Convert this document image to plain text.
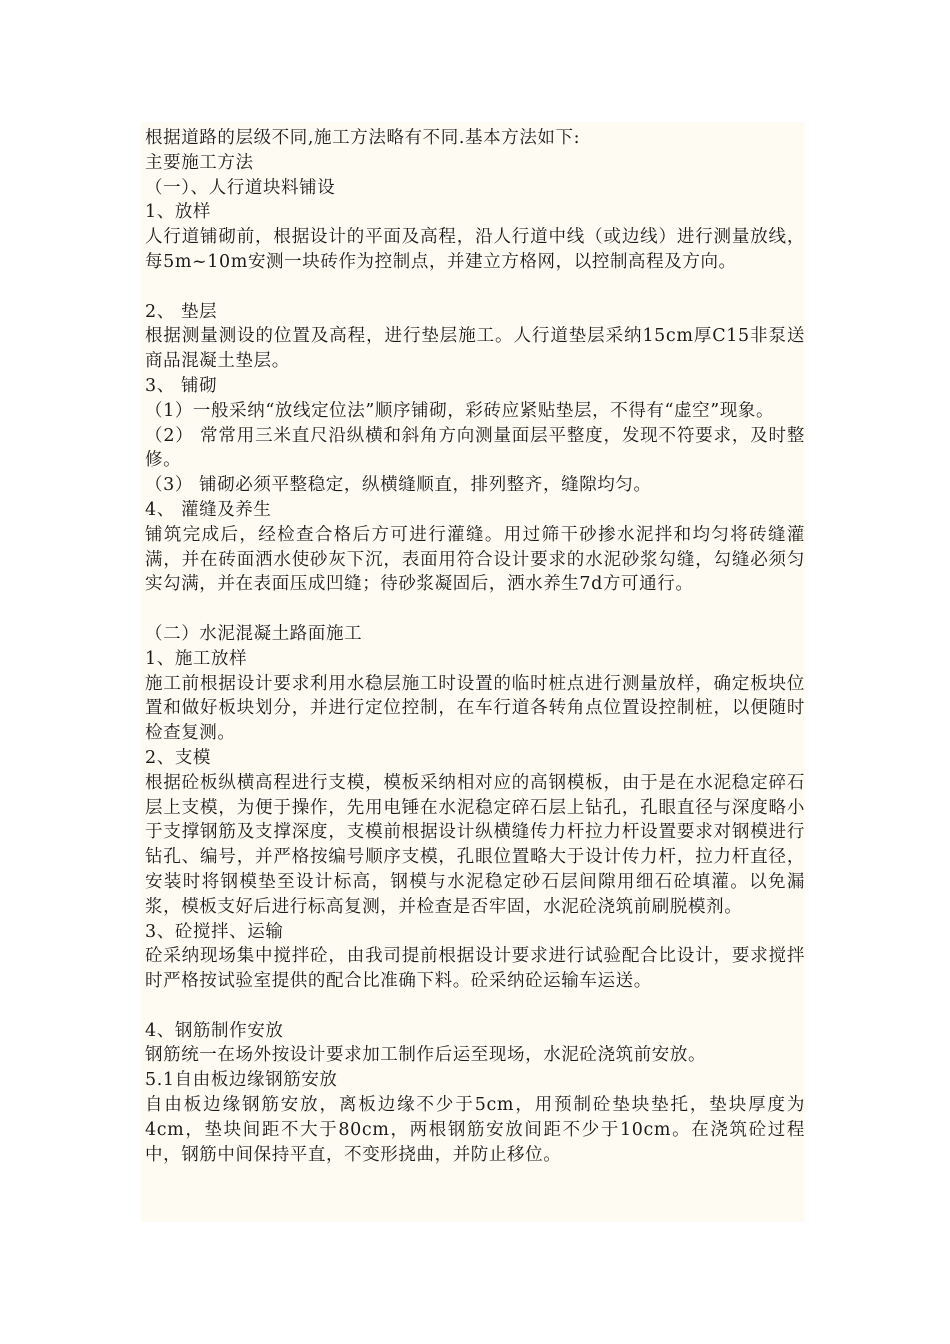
根据道路的层级不同,施工方法略有不同.基本方法如下:

主要施工方法

（一）、人行道块料铺设

1、放样

人行道铺砌前，根据设计的平面及高程，沿人行道中线（或边线）进行测量放线，每5m~10m安测一块砖作为控制点，并建立方格网，以控制高程及方向。

2、 垫层

根据测量测设的位置及高程，进行垫层施工。人行道垫层采纳15cm厚C15非泵送商品混凝土垫层。

3、 铺砌

（1）一般采纳“放线定位法”顺序铺砌，彩砖应紧贴垫层，不得有“虚空”现象。

（2） 常常用三米直尺沿纵横和斜角方向测量面层平整度，发现不符要求，及时整修。

（3） 铺砌必须平整稳定，纵横缝顺直，排列整齐，缝隙均匀。

4、 灌缝及养生

铺筑完成后，经检查合格后方可进行灌缝。用过筛干砂掺水泥拌和均匀将砖缝灌满，并在砖面洒水使砂灰下沉，表面用符合设计要求的水泥砂浆勾缝，勾缝必须匀实勾满，并在表面压成凹缝；待砂浆凝固后，洒水养生7d方可通行。

（二）水泥混凝土路面施工

1、施工放样

施工前根据设计要求利用水稳层施工时设置的临时桩点进行测量放样，确定板块位置和做好板块划分，并进行定位控制，在车行道各转角点位置设控制桩，以便随时检查复测。

2、支模

根据砼板纵横高程进行支模，模板采纳相对应的高钢模板，由于是在水泥稳定碎石层上支模，为便于操作，先用电锤在水泥稳定碎石层上钻孔，孔眼直径与深度略小于支撑钢筋及支撑深度，支模前根据设计纵横缝传力杆拉力杆设置要求对钢模进行钻孔、编号，并严格按编号顺序支模，孔眼位置略大于设计传力杆，拉力杆直径，安装时将钢模垫至设计标高，钢模与水泥稳定砂石层间隙用细石砼填灌。以免漏浆，模板支好后进行标高复测，并检查是否牢固，水泥砼浇筑前刷脱模剂。

3、砼搅拌、运输

砼采纳现场集中搅拌砼，由我司提前根据设计要求进行试验配合比设计，要求搅拌时严格按试验室提供的配合比准确下料。砼采纳砼运输车运送。

4、钢筋制作安放

钢筋统一在场外按设计要求加工制作后运至现场，水泥砼浇筑前安放。

5.1自由板边缘钢筋安放

自由板边缘钢筋安放，离板边缘不少于5cm，用预制砼垫块垫托，垫块厚度为4cm，垫块间距不大于80cm，两根钢筋安放间距不少于10cm。在浇筑砼过程中，钢筋中间保持平直，不变形挠曲，并防止移位。
